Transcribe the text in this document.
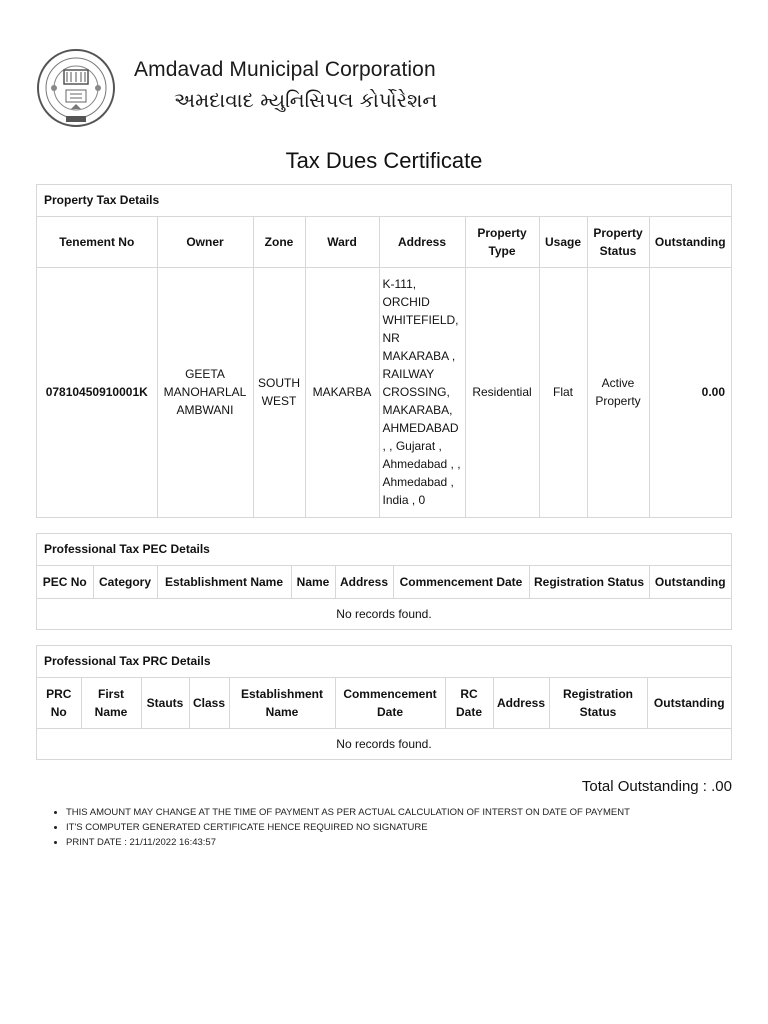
Amdavad Municipal Corporation
અમદાવાદ મ્યુનિસિપલ કોર્પોરેશન
Tax Dues Certificate
Property Tax Details
Tenement No	Owner	Zone	Ward	Address	Property Type	Usage	Property Status	Outstanding
07810450910001K	GEETA MANOHARLAL AMBWANI	SOUTH WEST	MAKARBA	K-111, ORCHID WHITEFIELD, NR MAKARABA , RAILWAY CROSSING, MAKARABA, AHMEDABAD , , Gujarat , Ahmedabad , , Ahmedabad , India , 0	Residential	Flat	Active Property	0.00
Professional Tax PEC Details
PEC No	Category	Establishment Name	Name	Address	Commencement Date	Registration Status	Outstanding
No records found.
Professional Tax PRC Details
PRC No	First Name	Stauts	Class	Establishment Name	Commencement Date	RC Date	Address	Registration Status	Outstanding
No records found.
Total Outstanding : .00
• THIS AMOUNT MAY CHANGE AT THE TIME OF PAYMENT AS PER ACTUAL CALCULATION OF INTERST ON DATE OF PAYMENT
• IT'S COMPUTER GENERATED CERTIFICATE HENCE REQUIRED NO SIGNATURE
• PRINT DATE : 21/11/2022 16:43:57
